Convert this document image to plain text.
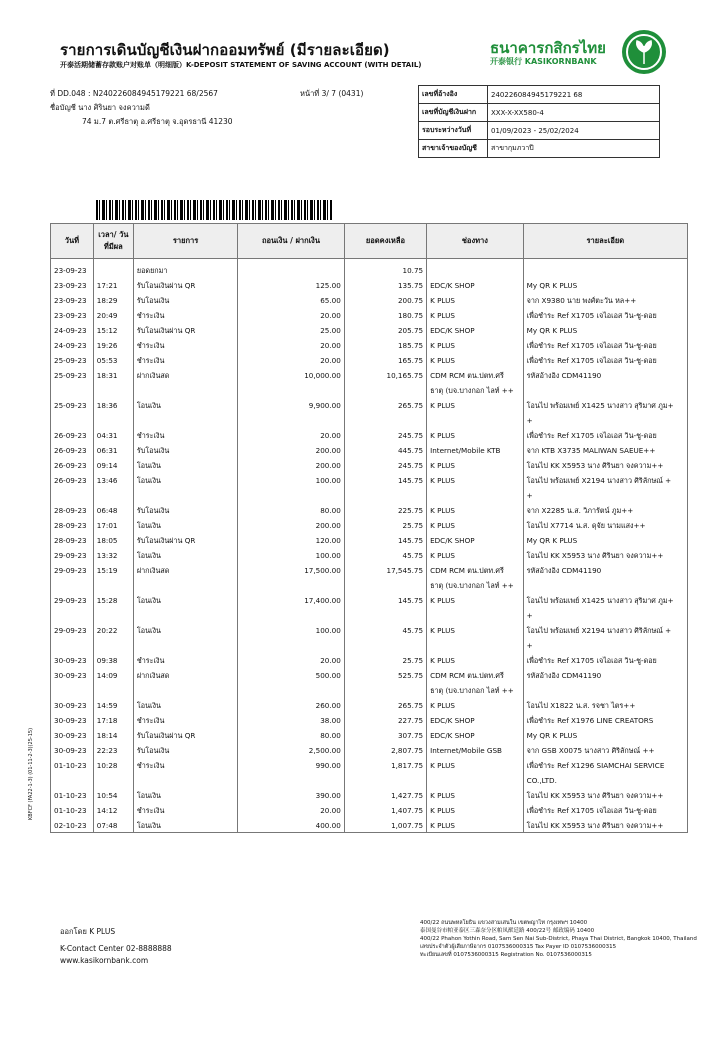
รายการเดินบัญชีเงินฝากออมทรัพย์ (มีรายละเอียด)
开泰活期储蓄存款账户对账单（明细版）K-DEPOSIT STATEMENT OF SAVING ACCOUNT (WITH DETAIL)
ธนาคารกสิกรไทย
开泰银行 KASIKORNBANK
ที่ DD.048 : N240226084945179221 68/2567	หน้าที่ 3/ 7 (0431)
ชื่อบัญชี นาง ศิรินยา จงความดี
74 ม.7 ต.ศรีธาตุ อ.ศรีธาตุ จ.อุดรธานี 41230
เลขที่อ้างอิง	240226084945179221 68
เลขที่บัญชีเงินฝาก	XXX-X-XX580-4
รอบระหว่างวันที่	01/09/2023 - 25/02/2024
สาขาเจ้าของบัญชี	สาขากุมภวาปี
วันที่	เวลา/ วันที่มีผล	รายการ	ถอนเงิน / ฝากเงิน	ยอดคงเหลือ	ช่องทาง	รายละเอียด
23-09-23		ยอดยกมา		10.75		
23-09-23	17:21	รับโอนเงินผ่าน QR	125.00	135.75	EDC/K SHOP	My QR K PLUS
23-09-23	18:29	รับโอนเงิน	65.00	200.75	K PLUS	จาก X9380 นาย พงศ์ตะวัน หล++
23-09-23	20:49	ชำระเงิน	20.00	180.75	K PLUS	เพื่อชำระ Ref X1705 เจไอเอส วิน-ชู-ดอย
24-09-23	15:12	รับโอนเงินผ่าน QR	25.00	205.75	EDC/K SHOP	My QR K PLUS
24-09-23	19:26	ชำระเงิน	20.00	185.75	K PLUS	เพื่อชำระ Ref X1705 เจไอเอส วิน-ชู-ดอย
25-09-23	05:53	ชำระเงิน	20.00	165.75	K PLUS	เพื่อชำระ Ref X1705 เจไอเอส วิน-ชู-ดอย
25-09-23	18:31	ฝากเงินสด	10,000.00	10,165.75	CDM RCM ตน.ปตท.ศรี	รหัสอ้างอิง CDM41190
					ธาตุ (บจ.บางกอก ไลท์ ++	
25-09-23	18:36	โอนเงิน	9,900.00	265.75	K PLUS	โอนไป พร้อมเพย์ X1425 นางสาว สุริมาศ ภูม+
						+
26-09-23	04:31	ชำระเงิน	20.00	245.75	K PLUS	เพื่อชำระ Ref X1705 เจไอเอส วิน-ชู-ดอย
26-09-23	06:31	รับโอนเงิน	200.00	445.75	Internet/Mobile KTB	จาก KTB X3735 MALIWAN SAEUE++
26-09-23	09:14	โอนเงิน	200.00	245.75	K PLUS	โอนไป KK X5953 นาง ศิรินยา จงความ++
26-09-23	13:46	โอนเงิน	100.00	145.75	K PLUS	โอนไป พร้อมเพย์ X2194 นางสาว ศิริลักษณ์ +
						+
28-09-23	06:48	รับโอนเงิน	80.00	225.75	K PLUS	จาก X2285 น.ส. วิภารัตน์ ภูม++
28-09-23	17:01	โอนเงิน	200.00	25.75	K PLUS	โอนไป X7714 น.ส. ดุจัย นามแสง++
28-09-23	18:05	รับโอนเงินผ่าน QR	120.00	145.75	EDC/K SHOP	My QR K PLUS
29-09-23	13:32	โอนเงิน	100.00	45.75	K PLUS	โอนไป KK X5953 นาง ศิรินยา จงความ++
29-09-23	15:19	ฝากเงินสด	17,500.00	17,545.75	CDM RCM ตน.ปตท.ศรี	รหัสอ้างอิง CDM41190
					ธาตุ (บจ.บางกอก ไลท์ ++	
29-09-23	15:28	โอนเงิน	17,400.00	145.75	K PLUS	โอนไป พร้อมเพย์ X1425 นางสาว สุริมาศ ภูม+
						+
29-09-23	20:22	โอนเงิน	100.00	45.75	K PLUS	โอนไป พร้อมเพย์ X2194 นางสาว ศิริลักษณ์ +
						+
30-09-23	09:38	ชำระเงิน	20.00	25.75	K PLUS	เพื่อชำระ Ref X1705 เจไอเอส วิน-ชู-ดอย
30-09-23	14:09	ฝากเงินสด	500.00	525.75	CDM RCM ตน.ปตท.ศรี	รหัสอ้างอิง CDM41190
					ธาตุ (บจ.บางกอก ไลท์ ++	
30-09-23	14:59	โอนเงิน	260.00	265.75	K PLUS	โอนไป X1822 น.ส. รจชา ไตร++
30-09-23	17:18	ชำระเงิน	38.00	227.75	EDC/K SHOP	เพื่อชำระ Ref X1976 LINE CREATORS
30-09-23	18:14	รับโอนเงินผ่าน QR	80.00	307.75	EDC/K SHOP	My QR K PLUS
30-09-23	22:23	รับโอนเงิน	2,500.00	2,807.75	Internet/Mobile GSB	จาก GSB X0075 นางสาว ศิริลักษณ์ ++
01-10-23	10:28	ชำระเงิน	990.00	1,817.75	K PLUS	เพื่อชำระ Ref X1296 SIAMCHAI SERVICE
						CO.,LTD.
01-10-23	10:54	โอนเงิน	390.00	1,427.75	K PLUS	โอนไป KK X5953 นาง ศิรินยา จงความ++
01-10-23	14:12	ชำระเงิน	20.00	1,407.75	K PLUS	เพื่อชำระ Ref X1705 เจไอเอส วิน-ชู-ดอย
02-10-23	07:48	โอนเงิน	400.00	1,007.75	K PLUS	โอนไป KK X5953 นาง ศิรินยา จงความ++
ออกโดย K PLUS
K-Contact Center 02-8888888
www.kasikornbank.com
400/22 ถนนพหลโยธิน แขวงสามเสนใน เขตพญาไท กรุงเทพฯ 10400
泰国曼谷市帕亚泰区三森奈分区帕凤猷廷路 400/22号 邮政编码 10400
400/22 Phahon Yothin Road, Sam Sen Nai Sub-District, Phaya Thai District, Bangkok 10400, Thailand
เลขประจำตัวผู้เสียภาษีอากร 0107536000315 Tax Payer ID 0107536000315
ทะเบียนเลขที่ 0107536000315 Registration No. 0107536000315
KBFCF (FA22-1-3) (01-11-2-3)(25-15)
